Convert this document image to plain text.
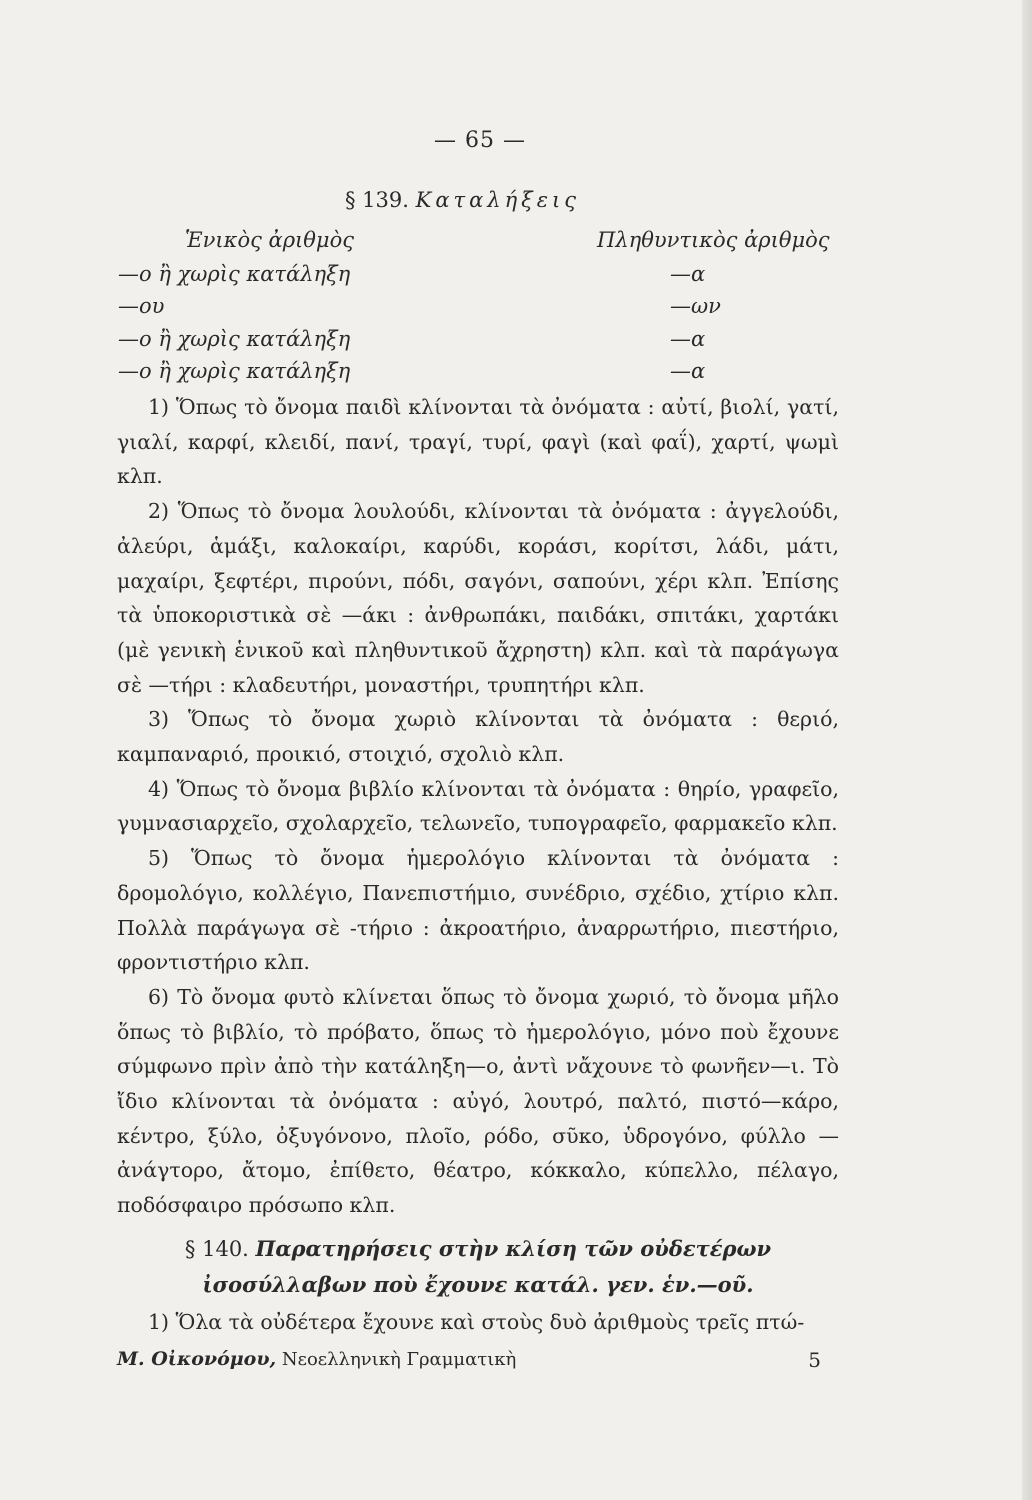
— 65 —
§ 139. Καταλήξεις
Ἑνικὸς ἀριθμὸς	Πληθυντικὸς ἀριθμὸς
—ο ἢ χωρὶς κατάληξη	—α
—ου	—ων
—ο ἢ χωρὶς κατάληξη	—α
—ο ἢ χωρὶς κατάληξη	—α

1) Ὅπως τὸ ὄνομα παιδὶ κλίνονται τὰ ὀνόματα : αὐτί, βιολί, γατί, γιαλί, καρφί, κλειδί, πανί, τραγί, τυρί, φαγὶ (καὶ φαΐ), χαρτί, ψωμὶ κλπ.

2) Ὅπως τὸ ὄνομα λουλούδι, κλίνονται τὰ ὀνόματα : ἀγγελούδι, ἀλεύρι, ἁμάξι, καλοκαίρι, καρύδι, κοράσι, κορίτσι, λάδι, μάτι, μαχαίρι, ξεφτέρι, πιρούνι, πόδι, σαγόνι, σαπούνι, χέρι κλπ. Ἐπίσης τὰ ὑποκοριστικὰ σὲ —άκι : ἀνθρωπάκι, παιδάκι, σπιτάκι, χαρτάκι (μὲ γενικὴ ἑνικοῦ καὶ πληθυντικοῦ ἄχρηστη) κλπ. καὶ τὰ παράγωγα σὲ —τήρι : κλαδευτήρι, μοναστήρι, τρυπητήρι κλπ.

3) Ὅπως τὸ ὄνομα χωριὸ κλίνονται τὰ ὀνόματα : θεριό, καμπαναριό, προικιό, στοιχιό, σχολιὸ κλπ.

4) Ὅπως τὸ ὄνομα βιβλίο κλίνονται τὰ ὀνόματα : θηρίο, γραφεῖο, γυμνασιαρχεῖο, σχολαρχεῖο, τελωνεῖο, τυπογραφεῖο, φαρμακεῖο κλπ.

5) Ὅπως τὸ ὄνομα ἡμερολόγιο κλίνονται τὰ ὀνόματα : δρομολόγιο, κολλέγιο, Πανεπιστήμιο, συνέδριο, σχέδιο, χτίριο κλπ. Πολλὰ παράγωγα σὲ -τήριο : ἀκροατήριο, ἀναρρωτήριο, πιεστήριο, φροντιστήριο κλπ.

6) Τὸ ὄνομα φυτὸ κλίνεται ὅπως τὸ ὄνομα χωριό, τὸ ὄνομα μῆλο ὅπως τὸ βιβλίο, τὸ πρόβατο, ὅπως τὸ ἡμερολόγιο, μόνο ποὺ ἔχουνε σύμφωνο πρὶν ἀπὸ τὴν κατάληξη—ο, ἀντὶ νἄχουνε τὸ φωνῆεν—ι. Τὸ ἴδιο κλίνονται τὰ ὀνόματα : αὐγό, λουτρό, παλτό, πιστό—κάρο, κέντρο, ξύλο, ὀξυγόνονο, πλοῖο, ρόδο, σῦκο, ὑδρογόνο, φύλλο — ἀνάγτορο, ἄτομο, ἐπίθετο, θέατρο, κόκκαλο, κύπελλο, πέλαγο, ποδόσφαιρο πρόσωπο κλπ.

§ 140. Παρατηρήσεις στὴν κλίση τῶν οὐδετέρων
ἰσοσύλλαβων ποὺ ἔχουνε κατάλ. γεν. ἑν.—οῦ.

1) Ὅλα τὰ οὐδέτερα ἔχουνε καὶ στοὺς δυὸ ἀριθμοὺς τρεῖς πτώ-

Μ. Οἰκονόμου, Νεοελληνικὴ Γραμματικὴ	5
